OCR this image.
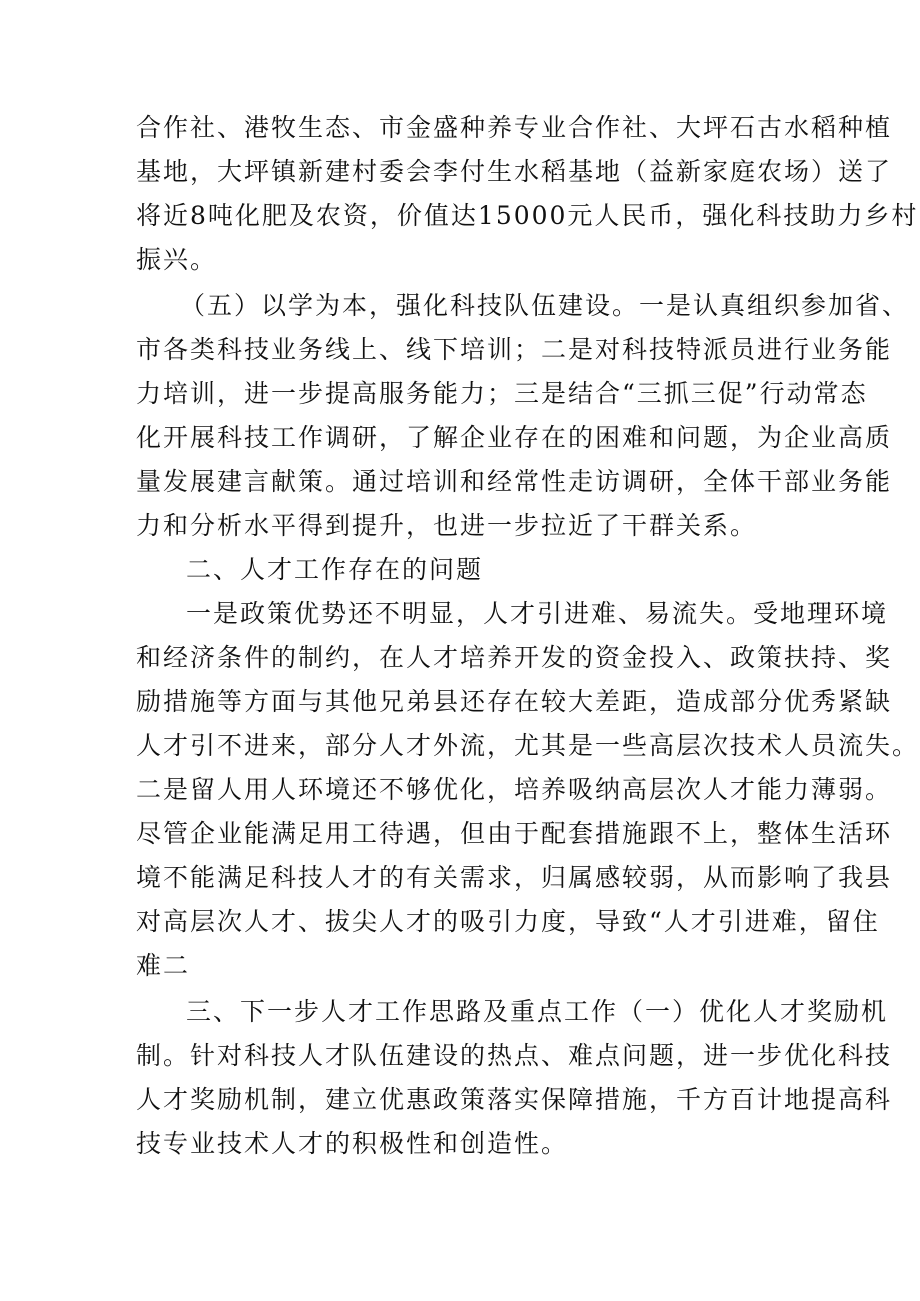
合作社、港牧生态、市金盛种养专业合作社、大坪石古水稻种植
基地，大坪镇新建村委会李付生水稻基地（益新家庭农场）送了
将近8吨化肥及农资，价值达15000元人民币，强化科技助力乡村
振兴。
（五）以学为本，强化科技队伍建设。一是认真组织参加省、
市各类科技业务线上、线下培训；二是对科技特派员进行业务能
力培训，进一步提高服务能力；三是结合“三抓三促”行动常态
化开展科技工作调研，了解企业存在的困难和问题，为企业高质
量发展建言献策。通过培训和经常性走访调研，全体干部业务能
力和分析水平得到提升，也进一步拉近了干群关系。
二、人才工作存在的问题
一是政策优势还不明显，人才引进难、易流失。受地理环境
和经济条件的制约，在人才培养开发的资金投入、政策扶持、奖
励措施等方面与其他兄弟县还存在较大差距，造成部分优秀紧缺
人才引不进来，部分人才外流，尤其是一些高层次技术人员流失。
二是留人用人环境还不够优化，培养吸纳高层次人才能力薄弱。
尽管企业能满足用工待遇，但由于配套措施跟不上，整体生活环
境不能满足科技人才的有关需求，归属感较弱，从而影响了我县
对高层次人才、拔尖人才的吸引力度，导致“人才引进难，留住
难二
三、下一步人才工作思路及重点工作（一）优化人才奖励机
制。针对科技人才队伍建设的热点、难点问题，进一步优化科技
人才奖励机制，建立优惠政策落实保障措施，千方百计地提高科
技专业技术人才的积极性和创造性。
